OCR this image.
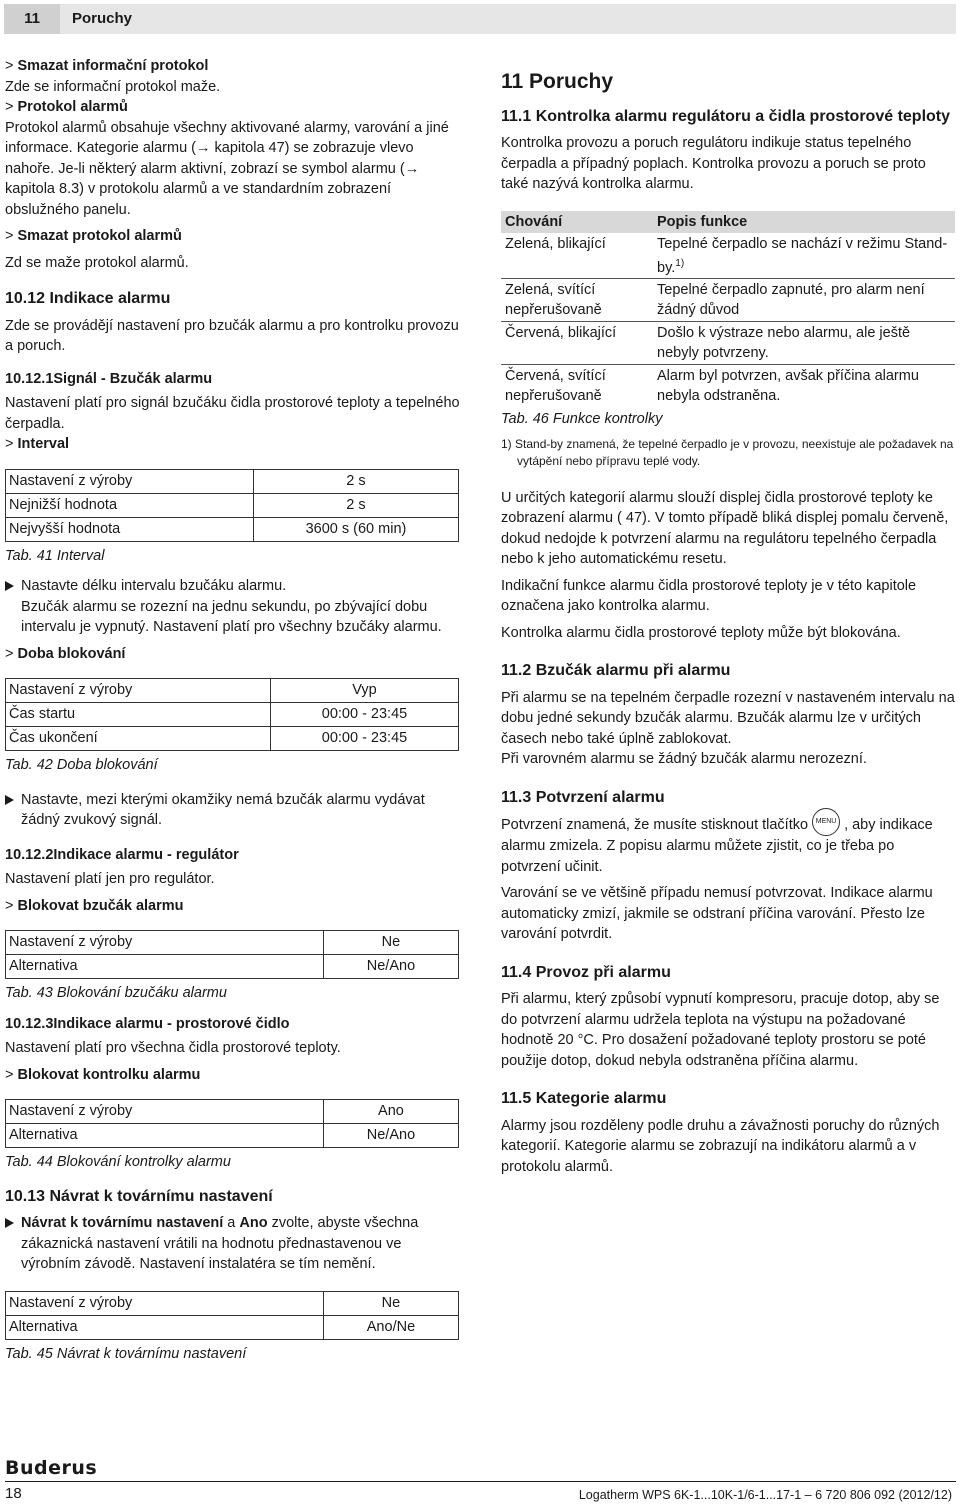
11	Poruchy

> Smazat informační protokol

Zde se informační protokol maže.

> Protokol alarmů

Protokol alarmů obsahuje všechny aktivované alarmy, varování a jiné informace. Kategorie alarmu (→ kapitola 47) se zobrazuje vlevo nahoře. Je-li některý alarm aktivní, zobrazí se symbol alarmu (→ kapitola 8.3) v protokolu alarmů a ve standardním zobrazení obslužného panelu.

> Smazat protokol alarmů

Zd se maže protokol alarmů.

10.12 Indikace alarmu

Zde se provádějí nastavení pro bzučák alarmu a pro kontrolku provozu a poruch.

10.12.1Signál - Bzučák alarmu

Nastavení platí pro signál bzučáku čidla prostorové teploty a tepelného čerpadla.

> Interval

Nastavení z výroby	2 s
Nejnižší hodnota	2 s
Nejvyšší hodnota	3600 s (60 min)

Tab. 41 Interval

Nastavte délku intervalu bzučáku alarmu.

Bzučák alarmu se rozezní na jednu sekundu, po zbývající dobu intervalu je vypnutý. Nastavení platí pro všechny bzučáky alarmu.

> Doba blokování

Nastavení z výroby	Vyp
Čas startu	00:00 - 23:45
Čas ukončení	00:00 - 23:45

Tab. 42 Doba blokování

Nastavte, mezi kterými okamžiky nemá bzučák alarmu vydávat žádný zvukový signál.

10.12.2Indikace alarmu - regulátor

Nastavení platí jen pro regulátor.

> Blokovat bzučák alarmu

Nastavení z výroby	Ne
Alternativa	Ne/Ano

Tab. 43 Blokování bzučáku alarmu

10.12.3Indikace alarmu - prostorové čidlo

Nastavení platí pro všechna čidla prostorové teploty.

> Blokovat kontrolku alarmu

Nastavení z výroby	Ano
Alternativa	Ne/Ano

Tab. 44 Blokování kontrolky alarmu

10.13 Návrat k továrnímu nastavení

Návrat k továrnímu nastavení a Ano zvolte, abyste všechna zákaznická nastavení vrátili na hodnotu přednastavenou ve výrobním závodě. Nastavení instalatéra se tím nemění.

Nastavení z výroby	Ne
Alternativa	Ano/Ne

Tab. 45 Návrat k továrnímu nastavení

11 Poruchy

11.1 Kontrolka alarmu regulátoru a čidla prostorové teploty

Kontrolka provozu a poruch regulátoru indikuje status tepelného čerpadla a případný poplach. Kontrolka provozu a poruch se proto také nazývá kontrolka alarmu.

Chování	Popis funkce
Zelená, blikající	Tepelné čerpadlo se nachází v režimu Stand-by.$^{1)}$
Zelená, svítící nepřerušovaně	Tepelné čerpadlo zapnuté, pro alarm není žádný důvod
Červená, blikající	Došlo k výstraze nebo alarmu, ale ještě nebyly potvrzeny.
Červená, svítící nepřerušovaně	Alarm byl potvrzen, avšak příčina alarmu nebyla odstraněna.

Tab. 46 Funkce kontrolky

1) Stand-by znamená, že tepelné čerpadlo je v provozu, neexistuje ale požadavek na vytápění nebo přípravu teplé vody.

U určitých kategorií alarmu slouží displej čidla prostorové teploty ke zobrazení alarmu ( 47). V tomto případě bliká displej pomalu červeně, dokud nedojde k potvrzení alarmu na regulátoru tepelného čerpadla nebo k jeho automatickému resetu.

Indikační funkce alarmu čidla prostorové teploty je v této kapitole označena jako kontrolka alarmu.

Kontrolka alarmu čidla prostorové teploty může být blokována.

11.2 Bzučák alarmu při alarmu

Při alarmu se na tepelném čerpadle rozezní v nastaveném intervalu na dobu jedné sekundy bzučák alarmu. Bzučák alarmu lze v určitých časech nebo také úplně zablokovat.

Při varovném alarmu se žádný bzučák alarmu nerozezní.

11.3 Potvrzení alarmu

Potvrzení znamená, že musíte stisknout tlačítko MENU , aby indikace alarmu zmizela. Z popisu alarmu můžete zjistit, co je třeba po potvrzení učinit.

Varování se ve většině případu nemusí potvrzovat. Indikace alarmu automaticky zmizí, jakmile se odstraní příčina varování. Přesto lze varování potvrdit.

11.4 Provoz při alarmu

Při alarmu, který způsobí vypnutí kompresoru, pracuje dotop, aby se do potvrzení alarmu udržela teplota na výstupu na požadované hodnotě 20 °C. Pro dosažení požadované teploty prostoru se poté použije dotop, dokud nebyla odstraněna příčina alarmu.

11.5 Kategorie alarmu

Alarmy jsou rozděleny podle druhu a závažnosti poruchy do různých kategorií. Kategorie alarmu se zobrazují na indikátoru alarmů a v protokolu alarmů.

Buderus
18	Logatherm WPS 6K-1...10K-1/6-1...17-1 – 6 720 806 092 (2012/12)
